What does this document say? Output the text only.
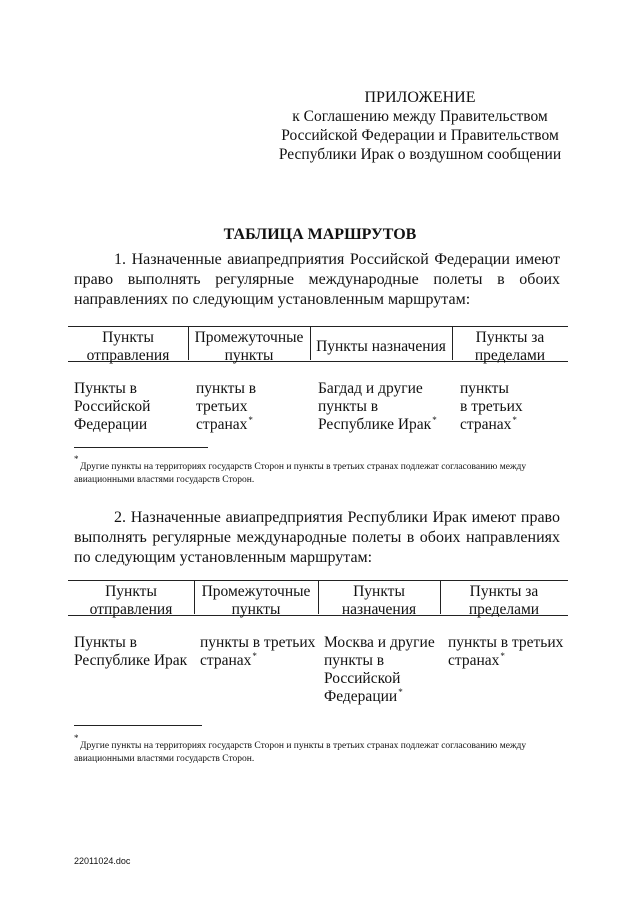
ПРИЛОЖЕНИЕ
к Соглашению между Правительством
Российской Федерации и Правительством
Республики Ирак о воздушном сообщении
ТАБЛИЦА МАРШРУТОВ
1. Назначенные авиапредприятия Российской Федерации имеют право выполнять регулярные международные полеты в обоих направлениях по следующим установленным маршрутам:
Пункты
отправления
Промежуточные
пункты
Пункты назначения
Пункты за
пределами
Пункты в
Российской
Федерации
пункты в
третьих
странах*
Багдад и другие
пункты в
Республике Ирак*
пункты
в третьих
странах*
*
Другие пункты на территориях государств Сторон и пункты в третьих странах подлежат согласованию между авиационными властями государств Сторон.
2. Назначенные авиапредприятия Республики Ирак имеют право выполнять регулярные международные полеты в обоих направлениях по следующим установленным маршрутам:
Пункты
отправления
Промежуточные
пункты
Пункты
назначения
Пункты за
пределами
Пункты в
Республике Ирак
пункты в третьих
странах*
Москва и другие
пункты в
Российской
Федерации*
пункты в третьих
странах*
*
Другие пункты на территориях государств Сторон и пункты в третьих странах подлежат согласованию между авиационными властями государств Сторон.
22011024.doc
